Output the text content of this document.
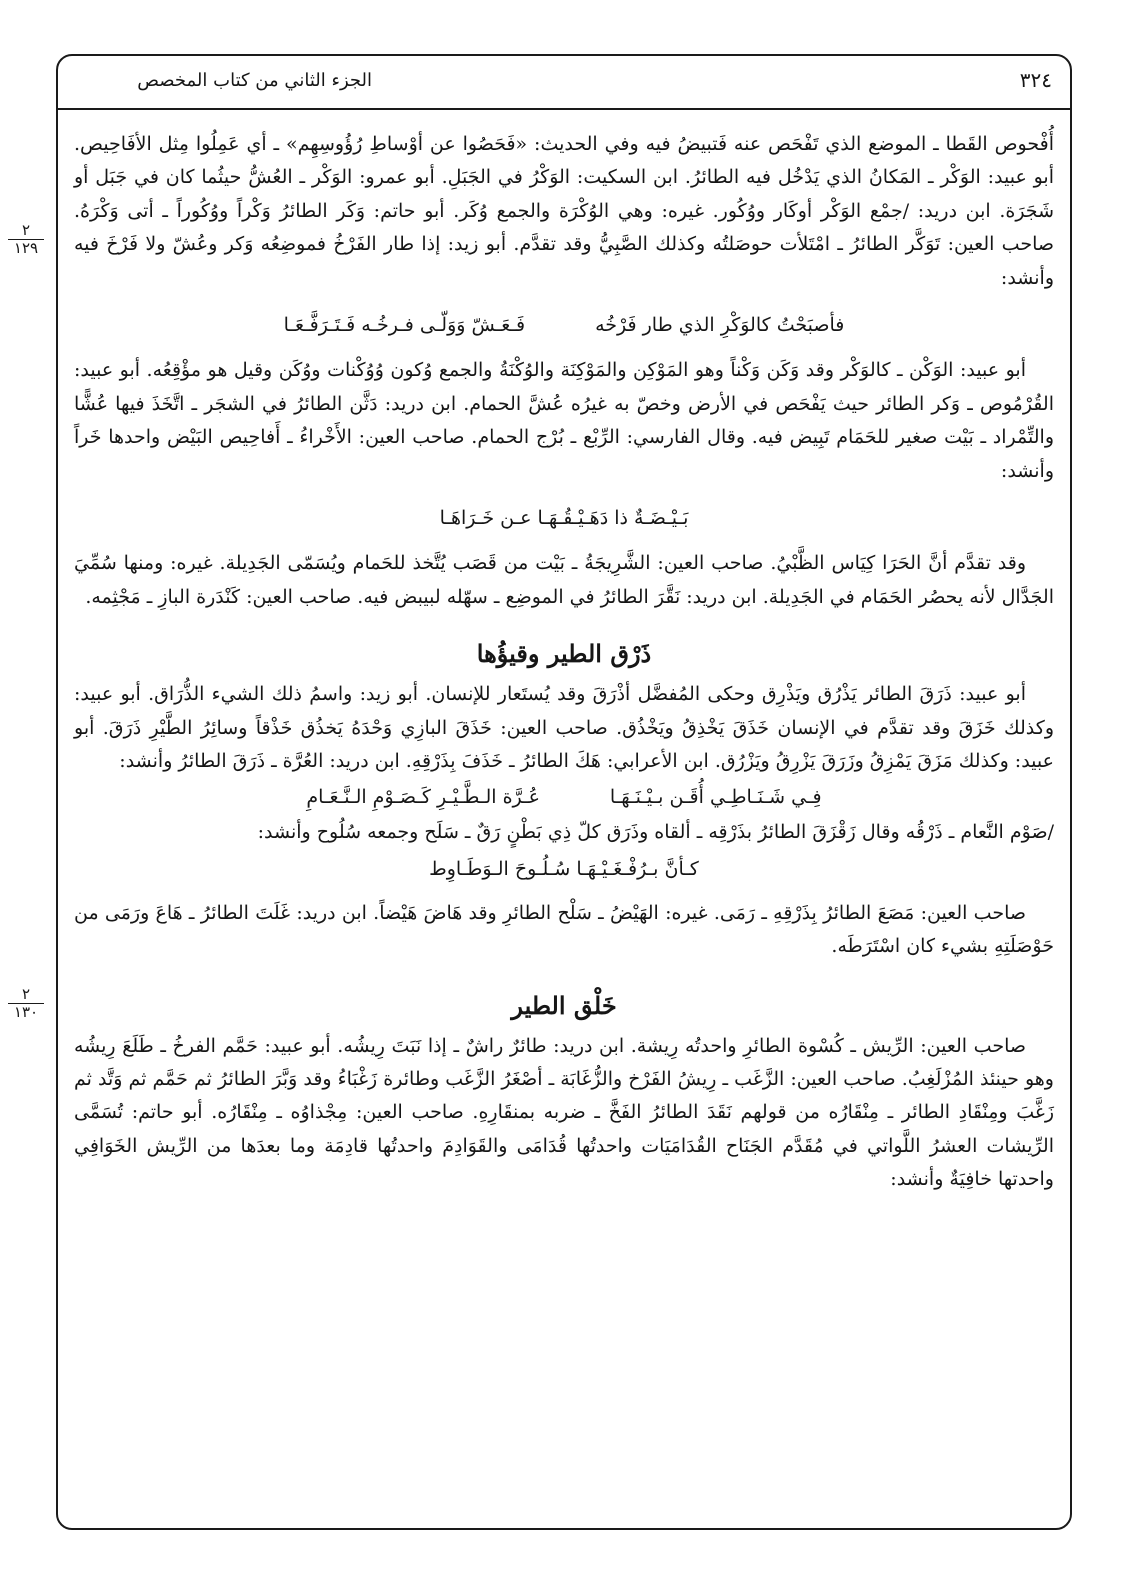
٣٢٤
الجزء الثاني من كتاب المخصص
٢
١٢٩
٢
١٣٠

أُفْحوص القَطا ـ الموضع الذي تَفْحَص عنه فَتبيضُ فيه وفي الحديث: «فَحَصُوا عن أوْساطِ رُؤُوسِهِم» ـ أي عَمِلُوا مِثل الأفَاحِيص. أبو عبيد: الوَكْر ـ المَكانُ الذي يَدْخُل فيه الطائرُ. ابن السكيت: الوَكْرُ في الجَبَلِ. أبو عمرو: الوَكْر ـ العُشُّ حيثُما كان في جَبَل أو شَجَرَة. ابن دريد: /جمْع الوَكْر أوكَار ووُكُور. غيره: وهي الوُكْرَة والجمع وُكَر. أبو حاتم: وَكَر الطائرُ وَكْراً ووُكُوراً ـ أتى وَكْرَهُ. صاحب العين: تَوَكَّر الطائرُ ـ امْتَلأت حوصَلتُه وكذلك الصَّبِيُّ وقد تقدَّم. أبو زيد: إذا طار الفَرْخُ فموضِعُه وَكر وعُشّ ولا فَرْخَ فيه وأنشد:

فأصبَحْتُ كالوَكْرِ الذي طار فَرْخُهفَـعَـشّ وَوَلّـى فـرخُـه فَـتَـرَفَّـعَـا

أبو عبيد: الوَكْن ـ كالوَكْر وقد وَكَن وَكْناً وهو المَوْكِن والمَوْكِنَة والوُكْنَةُ والجمع وُكون وُوُكْنات ووُكَن وقيل هو مؤْقِعُه. أبو عبيد: القُرْمُوص ـ وَكر الطائر حيث يَفْحَص في الأرض وخصّ به غيرُه عُشَّ الحمام. ابن دريد: دَثَّن الطائرُ في الشجَر ـ اتَّخَذَ فيها عُشًّا والتِّمْراد ـ بَيْت صغير للحَمَام تَبِيض فيه. وقال الفارسي: الرِّبْع ـ بُرْج الحمام. صاحب العين: الأَخْراءُ ـ أَفاحِيص البَيْض واحدها خَراً وأنشد:

بَـيْـضَـةٌ ذا دَهَـيْـقُـهَـا عـن خَـرَاهَـا

وقد تقدَّم أنَّ الحَرَا كِيَاس الظَّبْيُ. صاحب العين: الشَّرِيجَةُ ـ بَيْت من قَصَب يُتَّخذ للحَمام ويُسَمّى الجَدِيلة. غيره: ومنها سُمِّيَ الجَدَّال لأنه يحصُر الحَمَام في الجَدِيلة. ابن دريد: نَقَّرَ الطائرُ في الموضِع ـ سهّله لبيبض فيه. صاحب العين: كَنْدَرة البازِ ـ مَجْثِمه.

ذَرْق الطير وقيؤُها

أبو عبيد: ذَرَقَ الطائر يَذْرُق ويَذْرِق وحكى المُفضَّل أذْرَقَ وقد يُستَعار للإنسان. أبو زيد: واسمُ ذلك الشيء الذُّرَاق. أبو عبيد: وكذلك خَزَقَ وقد تقدَّم في الإنسان خَذَقَ يَخْذِقُ ويَخْذُق. صاحب العين: خَذَقَ البازِي وَحْدَهُ يَخذُق خَذْقاً وسائِرُ الطَّيْرِ ذَرَقَ. أبو عبيد: وكذلك مَزَقَ يَمْزِقُ وزَرَقَ يَزْرِقُ ويَزْرُق. ابن الأعرابي: هَكَ الطائرُ ـ خَذَفَ بِذَرْقِهِ. ابن دريد: العُرَّة ـ ذَرَقَ الطائرُ وأنشد:

فِـي شَـنَـاطِـي أُقَـن بـيْـنَـهَـاعُـرَّة الـطَّـيْـرِ كَـصَـوْمِ الـنَّـعَـامِ

/صَوْم النَّعام ـ ذَرْقُه وقال زَقْزَقَ الطائرُ بذَرْقِه ـ ألقاه وذَرَق كلّ ذِي بَطْنٍ رَقٌ ـ سَلَح وجمعه سُلُوح وأنشد:

كـأنَّ بـرُفْـغَـيْـهَـا سُـلُـوحَ الـوَطَـاوِط

صاحب العين: مَصَعَ الطائرُ بِذَرْقِهِ ـ رَمَى. غيره: الهَيْضُ ـ سَلْح الطائرِ وقد هَاضَ هَيْضاً. ابن دريد: غَلَتَ الطائرُ ـ هَاعَ ورَمَى من حَوْصَلَتِهِ بشيء كان اسْتَرَطَه.

خَلْق الطير

صاحب العين: الرِّيش ـ كُسْوة الطائرِ واحدتُه رِيشة. ابن دريد: طائرٌ راشٌ ـ إذا نَبَتَ رِيشُه. أبو عبيد: حَمَّم الفرخُ ـ طَلَعَ رِيشُه وهو حينئذ المُزْلَغِبُ. صاحب العين: الزَّغَب ـ رِيشُ الفَرْخ والزُّغَابَة ـ أصْغَرُ الزَّغَب وطائرة زَغْبَاءُ وقد وَبَّرَ الطائرُ ثم حَمَّم ثم وَتَّد ثم زَغَّبَ ومِنْقَادِ الطائر ـ مِنْقَارُه من قولهم نَقَدَ الطائرُ الفَخَّ ـ ضربه بمنقَارِهِ. صاحب العين: مِجْذاوُه ـ مِنْقَارُه. أبو حاتم: تُسَمَّى الرِّيشات العشرُ اللَّواتي في مُقَدَّم الجَنَاح القُدَامَيَات واحدتُها قُدَامَى والقَوَادِمَ واحدتُها قادِمَة وما بعدَها من الرِّيش الخَوَافِي واحدتها خافِيَةٌ وأنشد:
